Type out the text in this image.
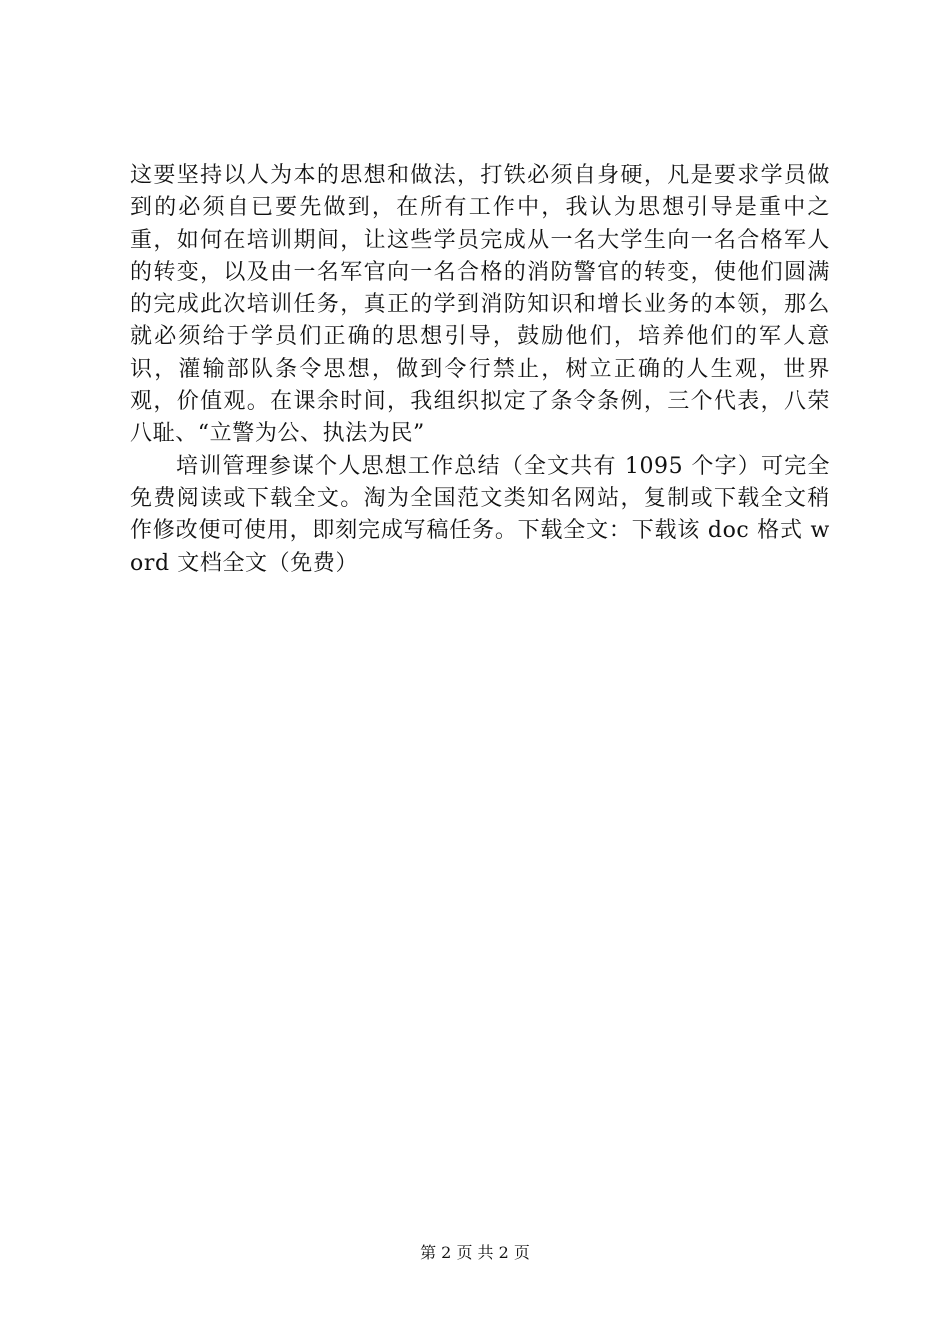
这要坚持以人为本的思想和做法，打铁必须自身硬，凡是要求学员做到的必须自已要先做到，在所有工作中，我认为思想引导是重中之重，如何在培训期间，让这些学员完成从一名大学生向一名合格军人的转变，以及由一名军官向一名合格的消防警官的转变，使他们圆满的完成此次培训任务，真正的学到消防知识和增长业务的本领，那么就必须给于学员们正确的思想引导，鼓励他们，培养他们的军人意识，灌输部队条令思想，做到令行禁止，树立正确的人生观，世界观，价值观。在课余时间，我组织拟定了条令条例，三个代表，八荣八耻、“立警为公、执法为民”

培训管理参谋个人思想工作总结（全文共有 1095 个字）可完全免费阅读或下载全文。淘为全国范文类知名网站，复制或下载全文稍作修改便可使用，即刻完成写稿任务。下载全文：下载该 doc 格式 word 文档全文（免费）

第 2 页 共 2 页
